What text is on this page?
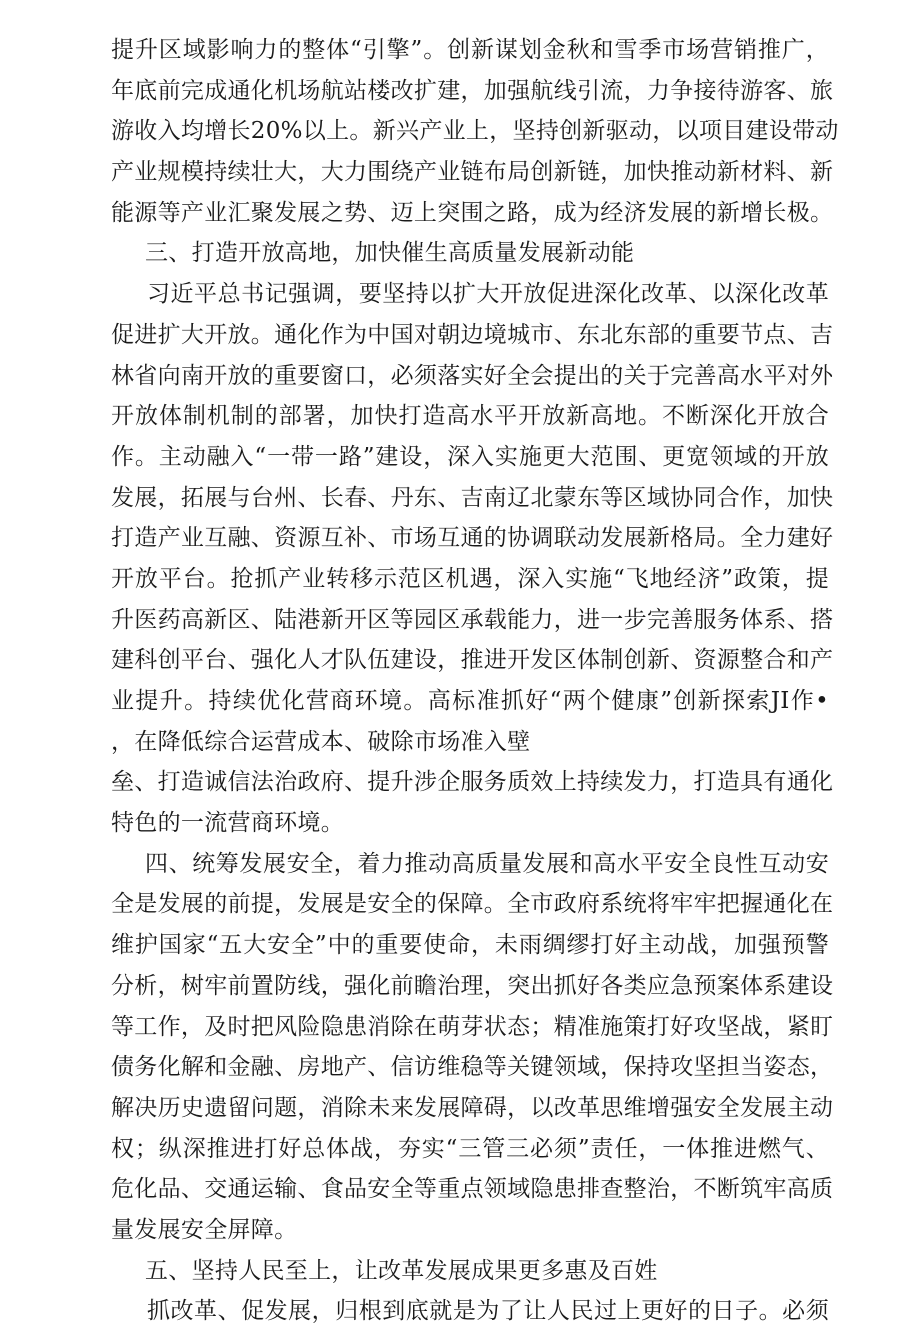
提升区域影响力的整体“引擎”。创新谋划金秋和雪季市场营销推广，
年底前完成通化机场航站楼改扩建，加强航线引流，力争接待游客、旅
游收入均增长20%以上。新兴产业上，坚持创新驱动，以项目建设带动
产业规模持续壮大，大力围绕产业链布局创新链，加快推动新材料、新
能源等产业汇聚发展之势、迈上突围之路，成为经济发展的新增长极。
三、打造开放高地，加快催生高质量发展新动能
习近平总书记强调，要坚持以扩大开放促进深化改革、以深化改革
促进扩大开放。通化作为中国对朝边境城市、东北东部的重要节点、吉
林省向南开放的重要窗口，必须落实好全会提出的关于完善高水平对外
开放体制机制的部署，加快打造高水平开放新高地。不断深化开放合
作。主动融入“一带一路”建设，深入实施更大范围、更宽领域的开放
发展，拓展与台州、长春、丹东、吉南辽北蒙东等区域协同合作，加快
打造产业互融、资源互补、市场互通的协调联动发展新格局。全力建好
开放平台。抢抓产业转移示范区机遇，深入实施“飞地经济”政策，提
升医药高新区、陆港新开区等园区承载能力，进一步完善服务体系、搭
建科创平台、强化人才队伍建设，推进开发区体制创新、资源整合和产
业提升。持续优化营商环境。高标准抓好“两个健康”创新探索JI作•
，在降低综合运营成本、破除市场准入壁
垒、打造诚信法治政府、提升涉企服务质效上持续发力，打造具有通化
特色的一流营商环境。
四、统筹发展安全，着力推动高质量发展和高水平安全良性互动安
全是发展的前提，发展是安全的保障。全市政府系统将牢牢把握通化在
维护国家“五大安全”中的重要使命，未雨绸缪打好主动战，加强预警
分析，树牢前置防线，强化前瞻治理，突出抓好各类应急预案体系建设
等工作，及时把风险隐患消除在萌芽状态；精准施策打好攻坚战，紧盯
债务化解和金融、房地产、信访维稳等关键领域，保持攻坚担当姿态，
解决历史遗留问题，消除未来发展障碍，以改革思维增强安全发展主动
权；纵深推进打好总体战，夯实“三管三必须”责任，一体推进燃气、
危化品、交通运输、食品安全等重点领域隐患排查整治，不断筑牢高质
量发展安全屏障。
五、坚持人民至上，让改革发展成果更多惠及百姓
抓改革、促发展，归根到底就是为了让人民过上更好的日子。必须
